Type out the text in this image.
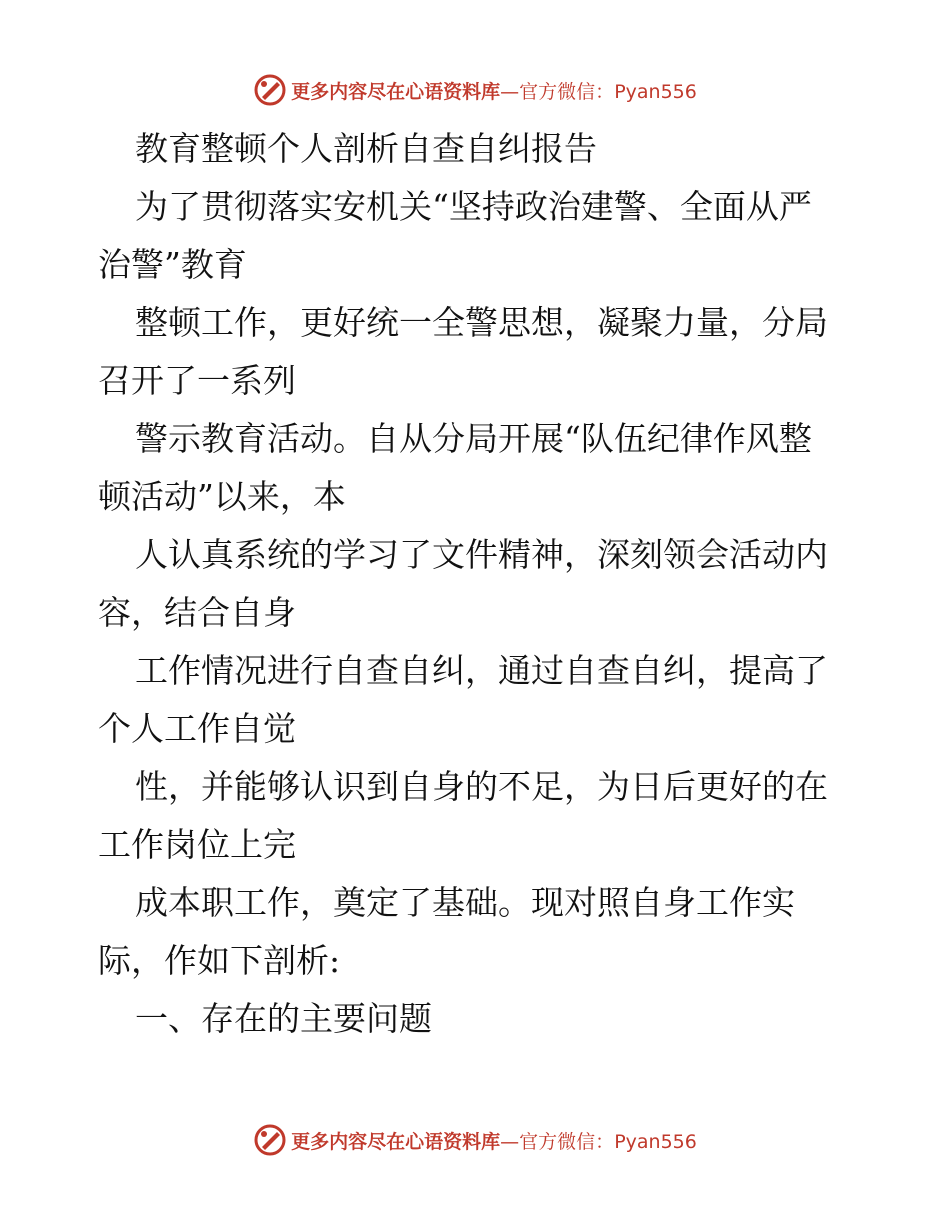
更多内容尽在心语资料库—官方微信：Pyan556
教育整顿个人剖析自查自纠报告
为了贯彻落实安机关“坚持政治建警、全面从严
治警”教育
整顿工作，更好统一全警思想，凝聚力量，分局
召开了一系列
警示教育活动。自从分局开展“队伍纪律作风整
顿活动”以来，本
人认真系统的学习了文件精神，深刻领会活动内
容，结合自身
工作情况进行自查自纠，通过自查自纠，提高了
个人工作自觉
性，并能够认识到自身的不足，为日后更好的在
工作岗位上完
成本职工作，奠定了基础。现对照自身工作实
际，作如下剖析:
一、存在的主要问题
更多内容尽在心语资料库—官方微信：Pyan556
